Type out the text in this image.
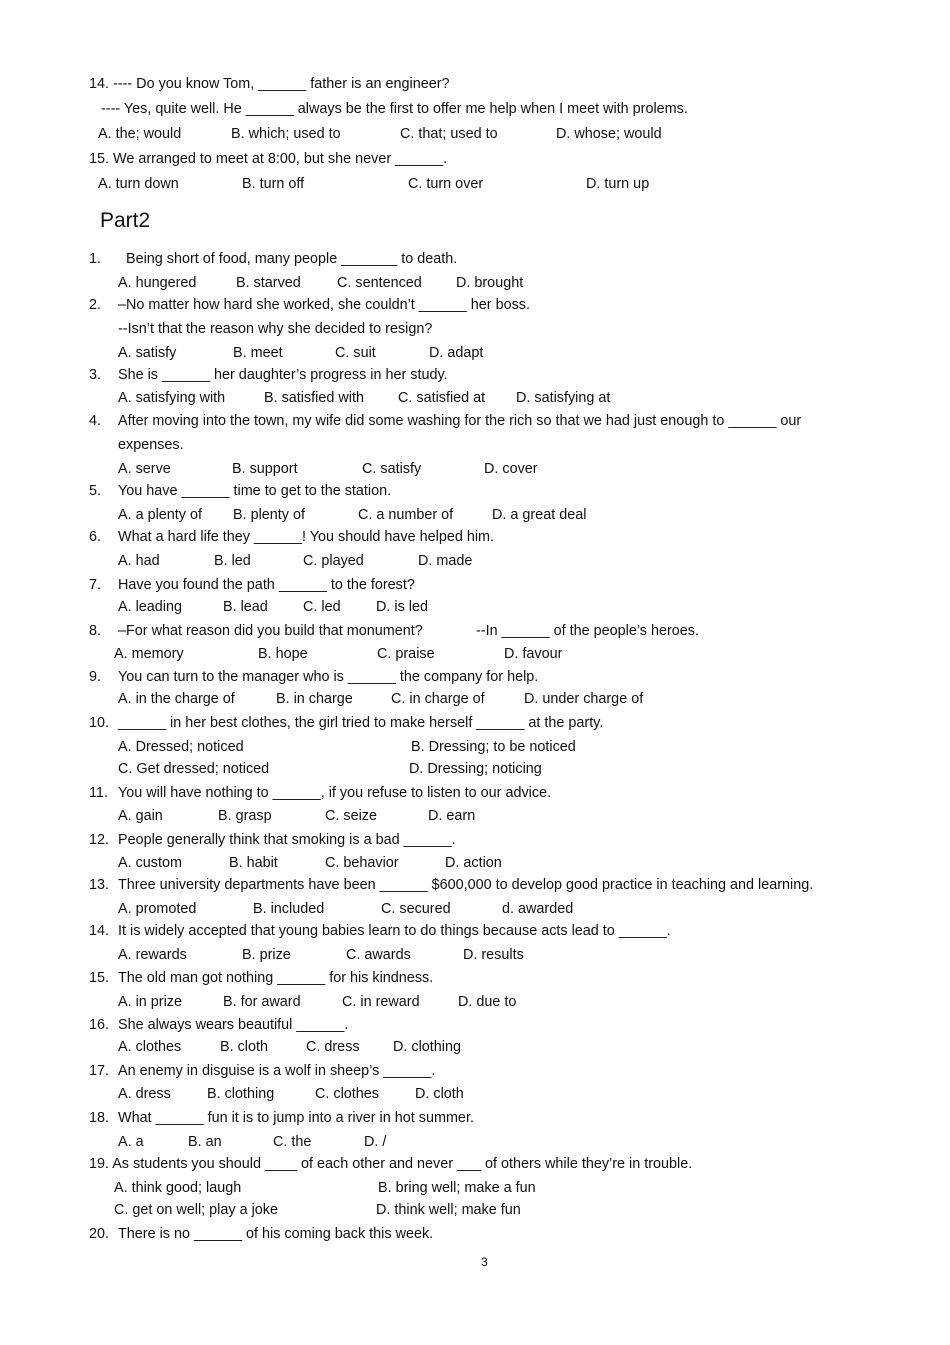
14. ---- Do you know Tom, ______ father is an engineer?
---- Yes, quite well. He ______ always be the first to offer me help when I meet with prolems.
A. the; would	B. which; used to	C. that; used to	D. whose; would
15. We arranged to meet at 8:00, but she never ______.
A. turn down	B. turn off	C. turn over	D. turn up
Part2
1. Being short of food, many people _______ to death.
A. hungered	B. starved	C. sentenced D. brought
2. –No matter how hard she worked, she couldn’t ______ her boss.
--Isn’t that the reason why she decided to resign?
A. satisfy	B. meet	C. suit	D. adapt
3. She is ______ her daughter’s progress in her study.
A. satisfying with	B. satisfied with C. satisfied at D. satisfying at
4. After moving into the town, my wife did some washing for the rich so that we had just enough to ______ our
expenses.
A. serve	B. support	C. satisfy	D. cover
5. You have ______ time to get to the station.
A. a plenty of B. plenty of	C. a number of	D. a great deal
6. What a hard life they ______! You should have helped him.
A. had	B. led	C. played	D. made
7. Have you found the path ______ to the forest?
A. leading	B. lead C. led D. is led
8. –For what reason did you build that monument?	--In ______ of the people’s heroes.
A. memory	B. hope	C. praise	D. favour
9. You can turn to the manager who is ______ the company for help.
A. in the charge of	B. in charge	C. in charge of	D. under charge of
10. ______ in her best clothes, the girl tried to make herself ______ at the party.
A. Dressed; noticed	B. Dressing; to be noticed
C. Get dressed; noticed	D. Dressing; noticing
11. You will have nothing to ______, if you refuse to listen to our advice.
A. gain	B. grasp	C. seize	D. earn
12. People generally think that smoking is a bad ______.
A. custom	B. habit	C. behavior	D. action
13. Three university departments have been ______ $600,000 to develop good practice in teaching and learning.
A. promoted	B. included	C. secured	d. awarded
14. It is widely accepted that young babies learn to do things because acts lead to ______.
A. rewards	B. prize	C. awards	D. results
15. The old man got nothing ______ for his kindness.
A. in prize	B. for award	C. in reward	D. due to
16. She always wears beautiful ______.
A. clothes	B. cloth	C. dress D. clothing
17. An enemy in disguise is a wolf in sheep’s ______.
A. dress	B. clothing	C. clothes	D. cloth
18. What ______ fun it is to jump into a river in hot summer.
A. a	B. an	C. the	D. /
19. As students you should ____ of each other and never ___ of others while they’re in trouble.
A. think good; laugh	B. bring well; make a fun
C. get on well; play a joke	D. think well; make fun
20. There is no ______ of his coming back this week.
3
